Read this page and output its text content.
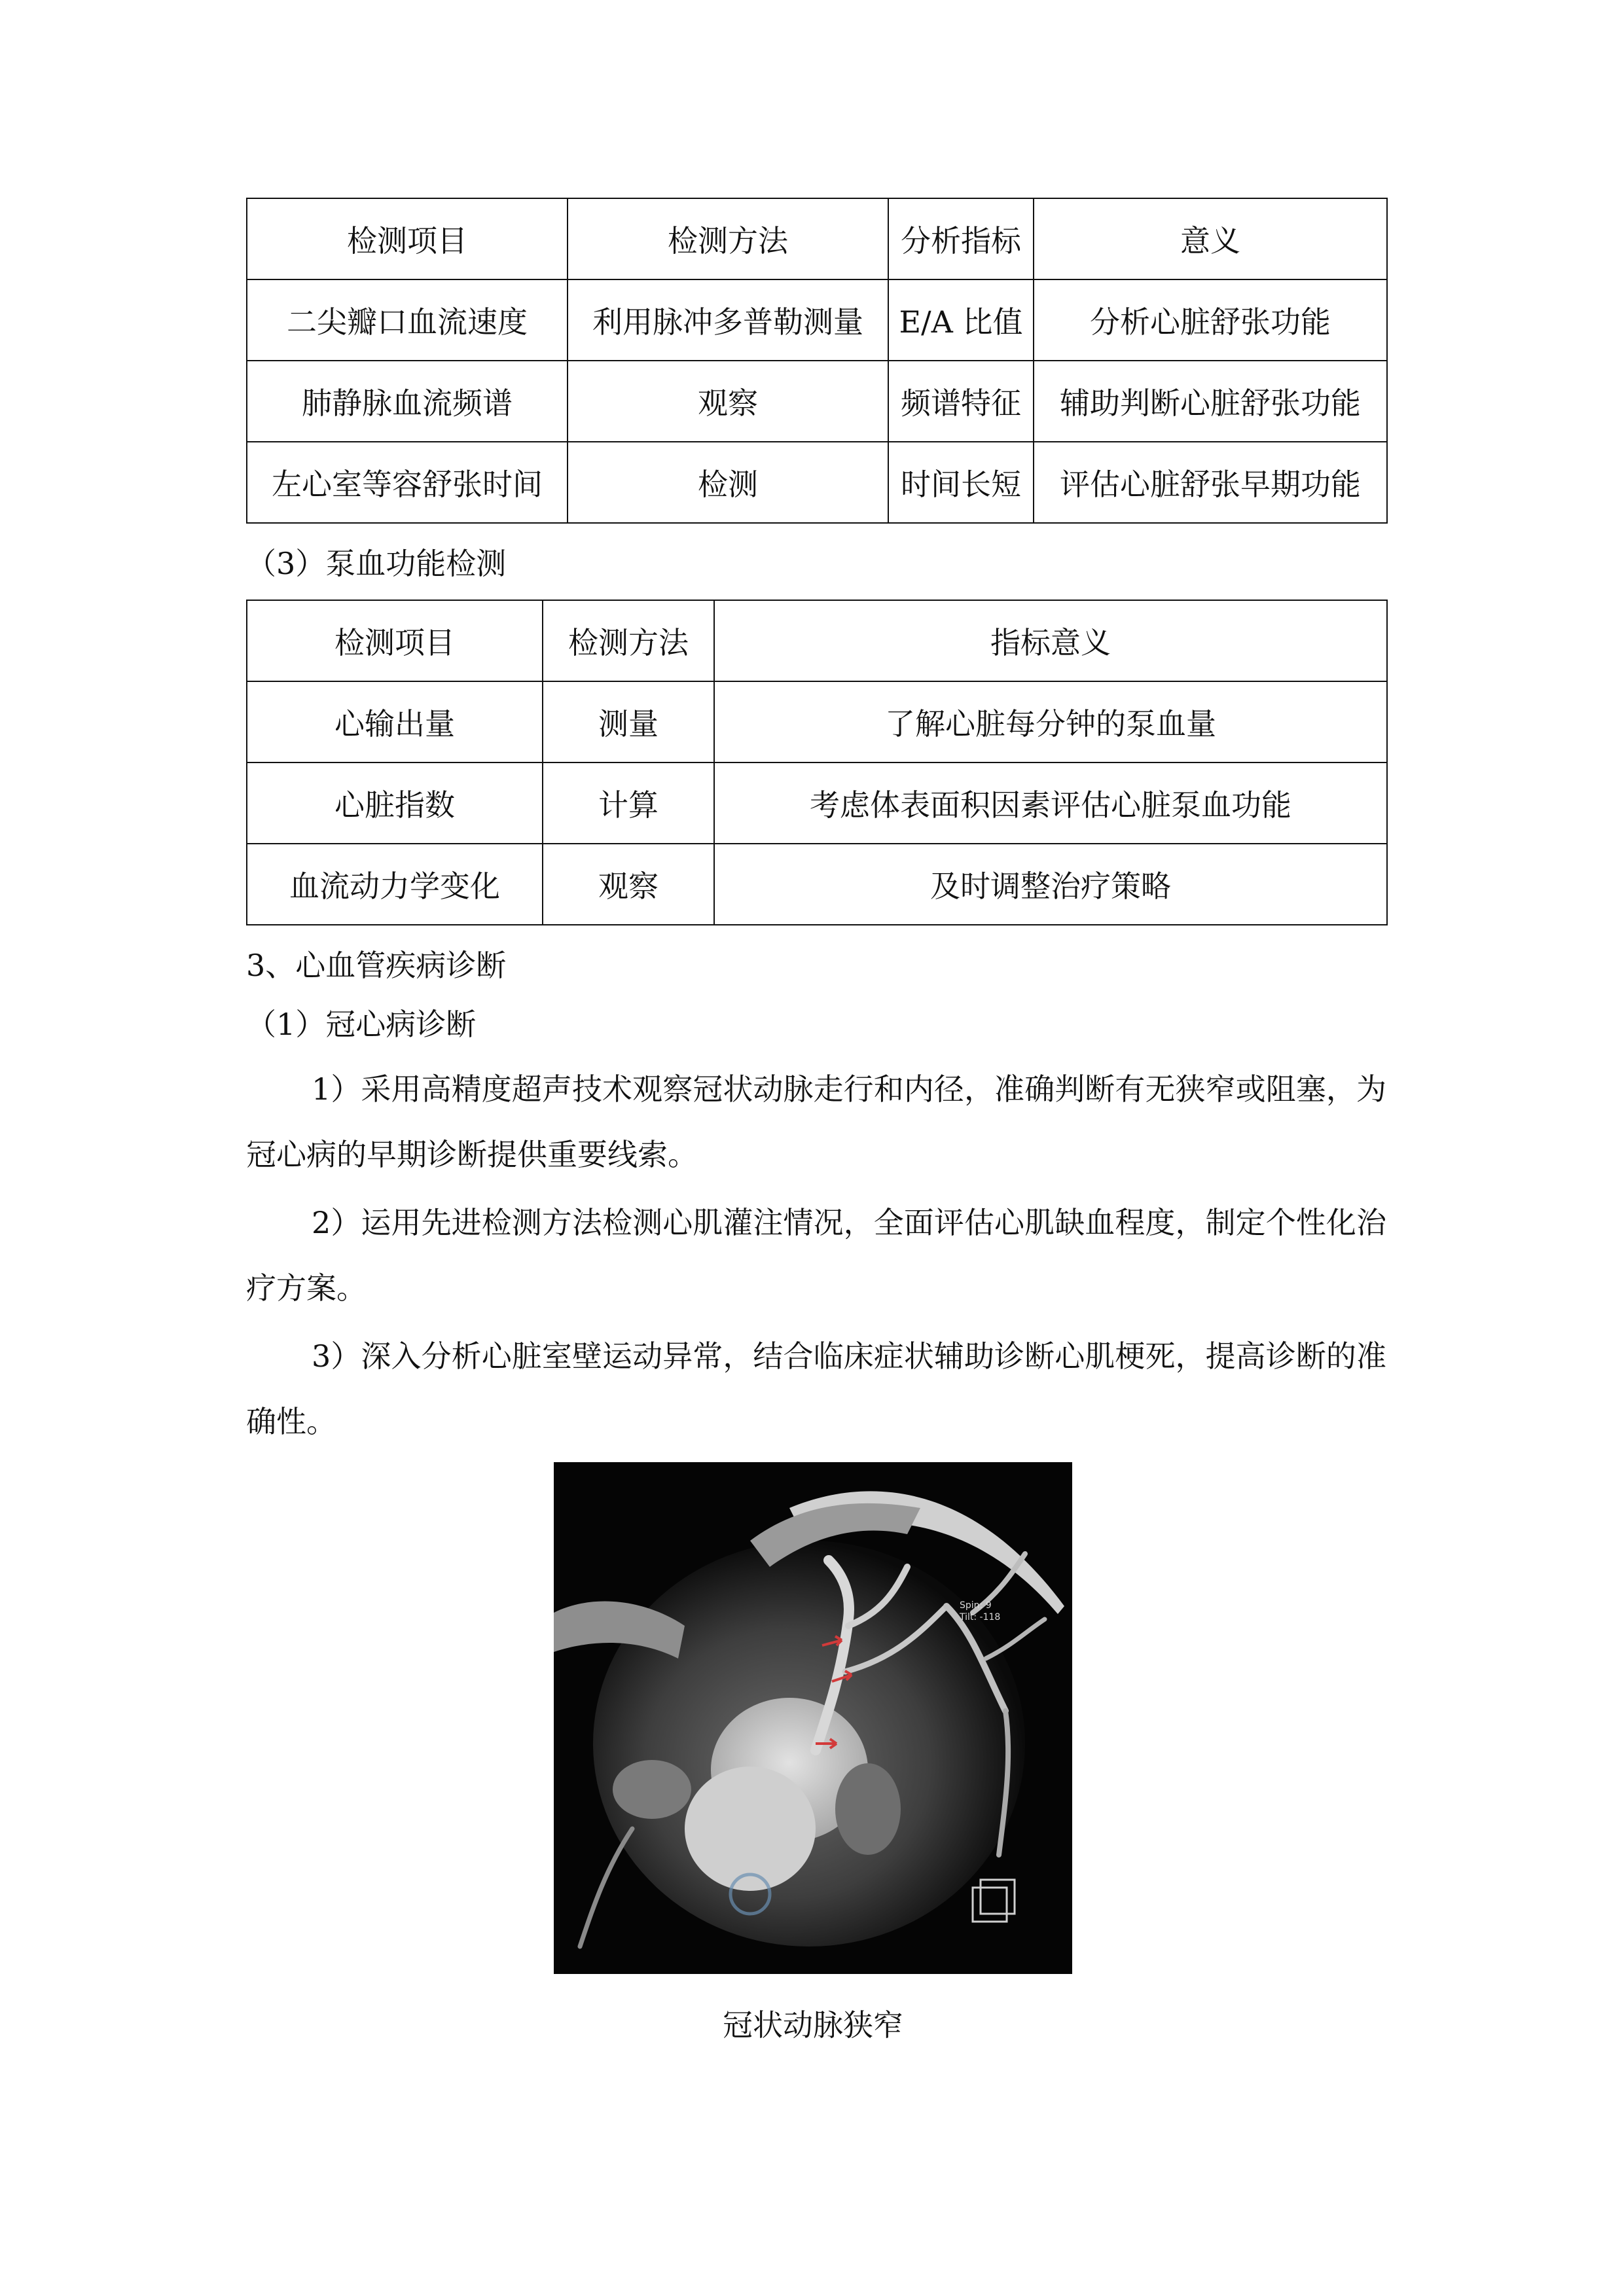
检测项目	检测方法	分析指标	意义
二尖瓣口血流速度	利用脉冲多普勒测量	E/A 比值	分析心脏舒张功能
肺静脉血流频谱	观察	频谱特征	辅助判断心脏舒张功能
左心室等容舒张时间	检测	时间长短	评估心脏舒张早期功能
（3）泵血功能检测
检测项目	检测方法	指标意义
心输出量	测量	了解心脏每分钟的泵血量
心脏指数	计算	考虑体表面积因素评估心脏泵血功能
血流动力学变化	观察	及时调整治疗策略
3、心血管疾病诊断
（1）冠心病诊断

1）采用高精度超声技术观察冠状动脉走行和内径，准确判断有无狭窄或阻塞，为冠心病的早期诊断提供重要线索。

2）运用先进检测方法检测心肌灌注情况，全面评估心肌缺血程度，制定个性化治疗方案。

3）深入分析心脏室壁运动异常，结合临床症状辅助诊断心肌梗死，提高诊断的准确性。

Spin: 9
Tilt: -118
冠状动脉狭窄
